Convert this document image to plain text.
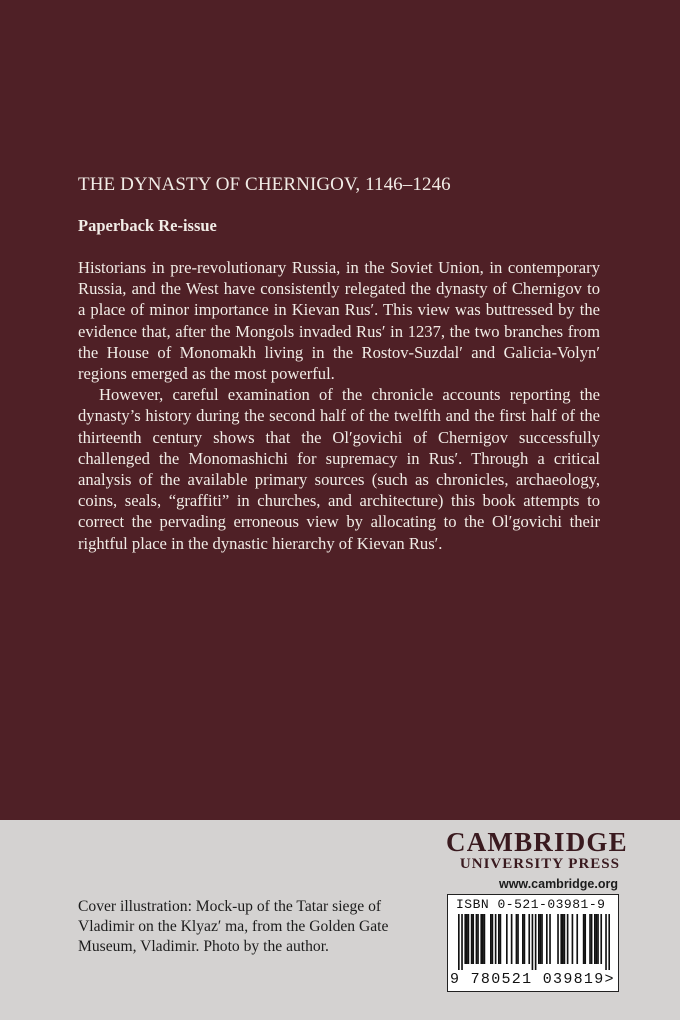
THE DYNASTY OF CHERNIGOV, 1146–1246
Paperback Re-issue

Historians in pre-revolutionary Russia, in the Soviet Union, in contemporary Russia, and the West have consistently relegated the dynasty of Chernigov to a place of minor importance in Kievan Rus′. This view was buttressed by the evidence that, after the Mongols invaded Rus′ in 1237, the two branches from the House of Monomakh living in the Rostov-Suzdal′ and Galicia-Volyn′ regions emerged as the most powerful.

However, careful examination of the chronicle accounts reporting the dynasty’s history during the second half of the twelfth and the first half of the thirteenth century shows that the Ol′govichi of Chernigov successfully challenged the Monomashichi for supremacy in Rus′. Through a critical analysis of the available primary sources (such as chronicles, archaeology, coins, seals, “graffiti” in churches, and architecture) this book attempts to correct the pervading erroneous view by allocating to the Ol′govichi their rightful place in the dynastic hierarchy of Kievan Rus′.

Cover illustration: Mock-up of the Tatar siege of Vladimir on the Klyaz′ ma, from the Golden Gate Museum, Vladimir. Photo by the author.
CAMBRIDGE
UNIVERSITY PRESS
www.cambridge.org
ISBN 0-521-03981-9
9 780521 039819>
